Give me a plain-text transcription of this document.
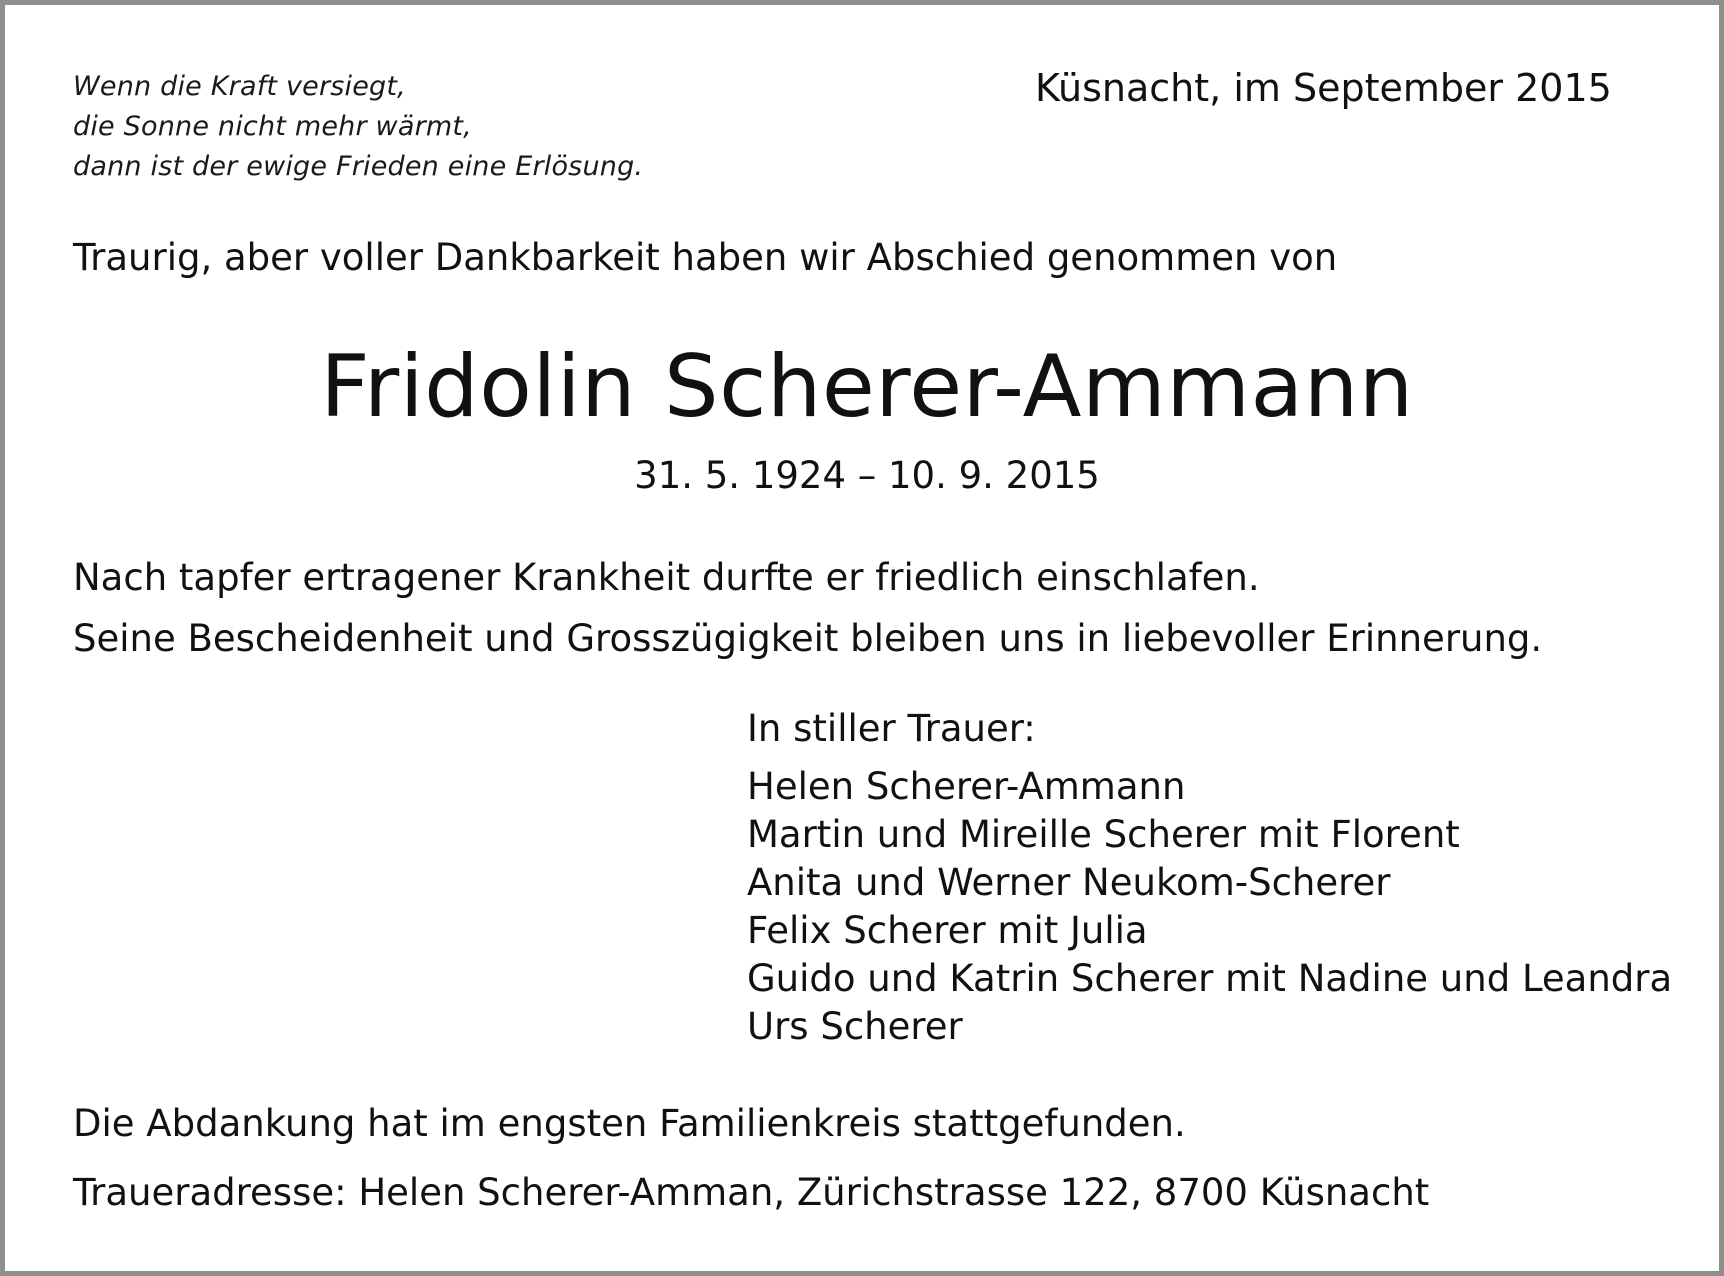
Wenn die Kraft versiegt,
die Sonne nicht mehr wärmt,
dann ist der ewige Frieden eine Erlösung.
Küsnacht, im September 2015
Traurig, aber voller Dankbarkeit haben wir Abschied genommen von
Fridolin Scherer-Ammann
31. 5. 1924 – 10. 9. 2015
Nach tapfer ertragener Krankheit durfte er friedlich einschlafen.
Seine Bescheidenheit und Grosszügigkeit bleiben uns in liebevoller Erinnerung.
In stiller Trauer:
Helen Scherer-Ammann
Martin und Mireille Scherer mit Florent
Anita und Werner Neukom-Scherer
Felix Scherer mit Julia
Guido und Katrin Scherer mit Nadine und Leandra
Urs Scherer
Die Abdankung hat im engsten Familienkreis stattgefunden.
Traueradresse: Helen Scherer-Amman, Zürichstrasse 122, 8700 Küsnacht
